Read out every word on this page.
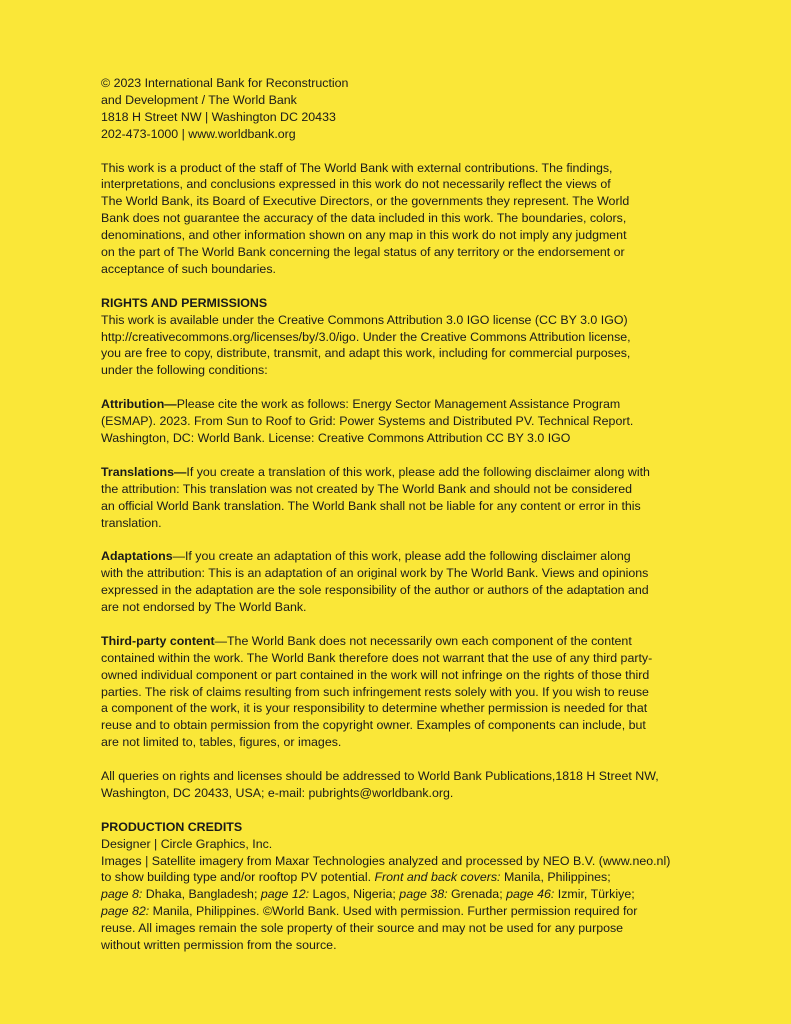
© 2023 International Bank for Reconstruction
and Development / The World Bank
1818 H Street NW | Washington DC 20433
202-473-1000 | www.worldbank.org
This work is a product of the staff of The World Bank with external contributions. The findings,
interpretations, and conclusions expressed in this work do not necessarily reflect the views of
The World Bank, its Board of Executive Directors, or the governments they represent. The World
Bank does not guarantee the accuracy of the data included in this work. The boundaries, colors,
denominations, and other information shown on any map in this work do not imply any judgment
on the part of The World Bank concerning the legal status of any territory or the endorsement or
acceptance of such boundaries.
RIGHTS AND PERMISSIONS
This work is available under the Creative Commons Attribution 3.0 IGO license (CC BY 3.0 IGO)
http://creativecommons.org/licenses/by/3.0/igo. Under the Creative Commons Attribution license,
you are free to copy, distribute, transmit, and adapt this work, including for commercial purposes,
under the following conditions:
Attribution—Please cite the work as follows: Energy Sector Management Assistance Program
(ESMAP). 2023. From Sun to Roof to Grid: Power Systems and Distributed PV. Technical Report.
Washington, DC: World Bank. License: Creative Commons Attribution CC BY 3.0 IGO
Translations—If you create a translation of this work, please add the following disclaimer along with
the attribution: This translation was not created by The World Bank and should not be considered
an official World Bank translation. The World Bank shall not be liable for any content or error in this
translation.
Adaptations—If you create an adaptation of this work, please add the following disclaimer along
with the attribution: This is an adaptation of an original work by The World Bank. Views and opinions
expressed in the adaptation are the sole responsibility of the author or authors of the adaptation and
are not endorsed by The World Bank.
Third-party content—The World Bank does not necessarily own each component of the content
contained within the work. The World Bank therefore does not warrant that the use of any third party-
owned individual component or part contained in the work will not infringe on the rights of those third
parties. The risk of claims resulting from such infringement rests solely with you. If you wish to reuse
a component of the work, it is your responsibility to determine whether permission is needed for that
reuse and to obtain permission from the copyright owner. Examples of components can include, but
are not limited to, tables, figures, or images.
All queries on rights and licenses should be addressed to World Bank Publications,1818 H Street NW,
Washington, DC 20433, USA; e-mail: pubrights@worldbank.org.
PRODUCTION CREDITS
Designer | Circle Graphics, Inc.
Images | Satellite imagery from Maxar Technologies analyzed and processed by NEO B.V. (www.neo.nl)
to show building type and/or rooftop PV potential. Front and back covers: Manila, Philippines;
page 8: Dhaka, Bangladesh; page 12: Lagos, Nigeria; page 38: Grenada; page 46: Izmir, Türkiye;
page 82: Manila, Philippines. ©World Bank. Used with permission. Further permission required for
reuse. All images remain the sole property of their source and may not be used for any purpose
without written permission from the source.
